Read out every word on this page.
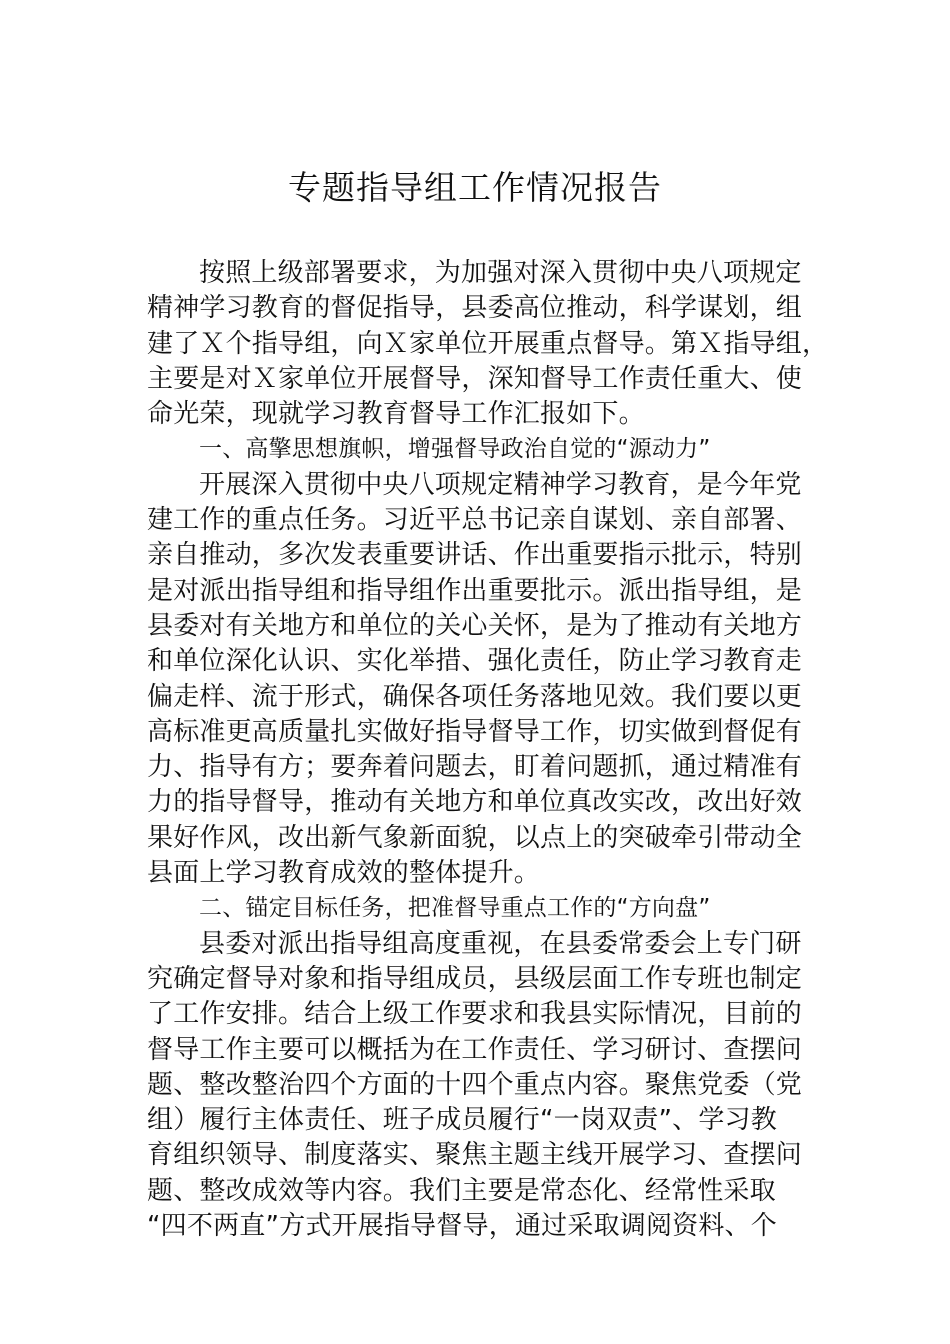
专题指导组工作情况报告
按照上级部署要求，为加强对深入贯彻中央八项规定
精神学习教育的督促指导，县委高位推动，科学谋划，组
建了Ｘ个指导组，向Ｘ家单位开展重点督导。第Ｘ指导组，
主要是对Ｘ家单位开展督导，深知督导工作责任重大、使
命光荣，现就学习教育督导工作汇报如下。
一、高擎思想旗帜，增强督导政治自觉的“源动力”
开展深入贯彻中央八项规定精神学习教育，是今年党
建工作的重点任务。习近平总书记亲自谋划、亲自部署、
亲自推动，多次发表重要讲话、作出重要指示批示，特别
是对派出指导组和指导组作出重要批示。派出指导组，是
县委对有关地方和单位的关心关怀，是为了推动有关地方
和单位深化认识、实化举措、强化责任，防止学习教育走
偏走样、流于形式，确保各项任务落地见效。我们要以更
高标准更高质量扎实做好指导督导工作，切实做到督促有
力、指导有方；要奔着问题去，盯着问题抓，通过精准有
力的指导督导，推动有关地方和单位真改实改，改出好效
果好作风，改出新气象新面貌，以点上的突破牵引带动全
县面上学习教育成效的整体提升。
二、锚定目标任务，把准督导重点工作的“方向盘”
县委对派出指导组高度重视，在县委常委会上专门研
究确定督导对象和指导组成员，县级层面工作专班也制定
了工作安排。结合上级工作要求和我县实际情况，目前的
督导工作主要可以概括为在工作责任、学习研讨、查摆问
题、整改整治四个方面的十四个重点内容。聚焦党委（党
组）履行主体责任、班子成员履行“一岗双责”、学习教
育组织领导、制度落实、聚焦主题主线开展学习、查摆问
题、整改成效等内容。我们主要是常态化、经常性采取
“四不两直”方式开展指导督导，通过采取调阅资料、个
